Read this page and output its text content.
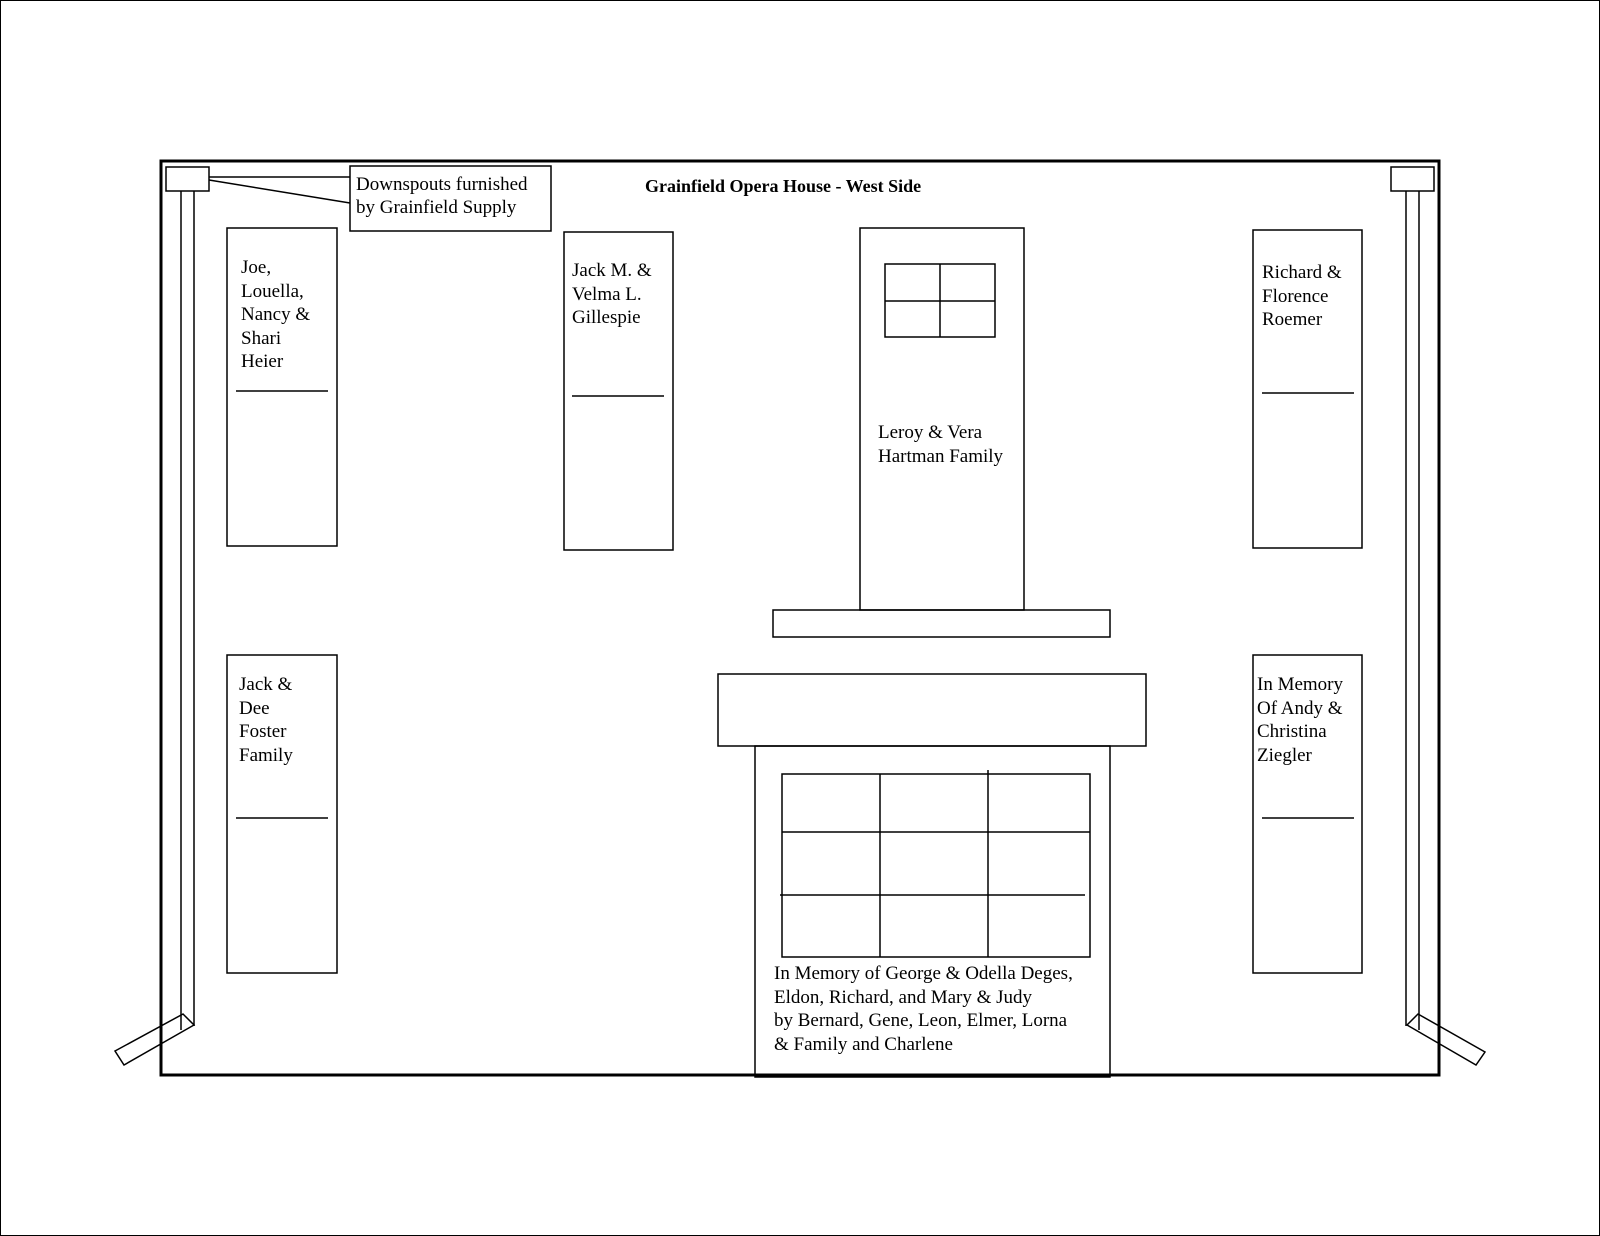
Grainfield Opera House - West Side
Downspouts furnished
by Grainfield Supply
Joe,
Louella,
Nancy &
Shari
Heier
Jack M. &
Velma L.
Gillespie
Leroy & Vera
Hartman Family
Richard &
Florence
Roemer
Jack &
Dee
Foster
Family
In Memory
Of Andy &
Christina
Ziegler
In Memory of George & Odella Deges,
Eldon, Richard, and Mary & Judy
by Bernard, Gene, Leon, Elmer, Lorna
& Family and Charlene
